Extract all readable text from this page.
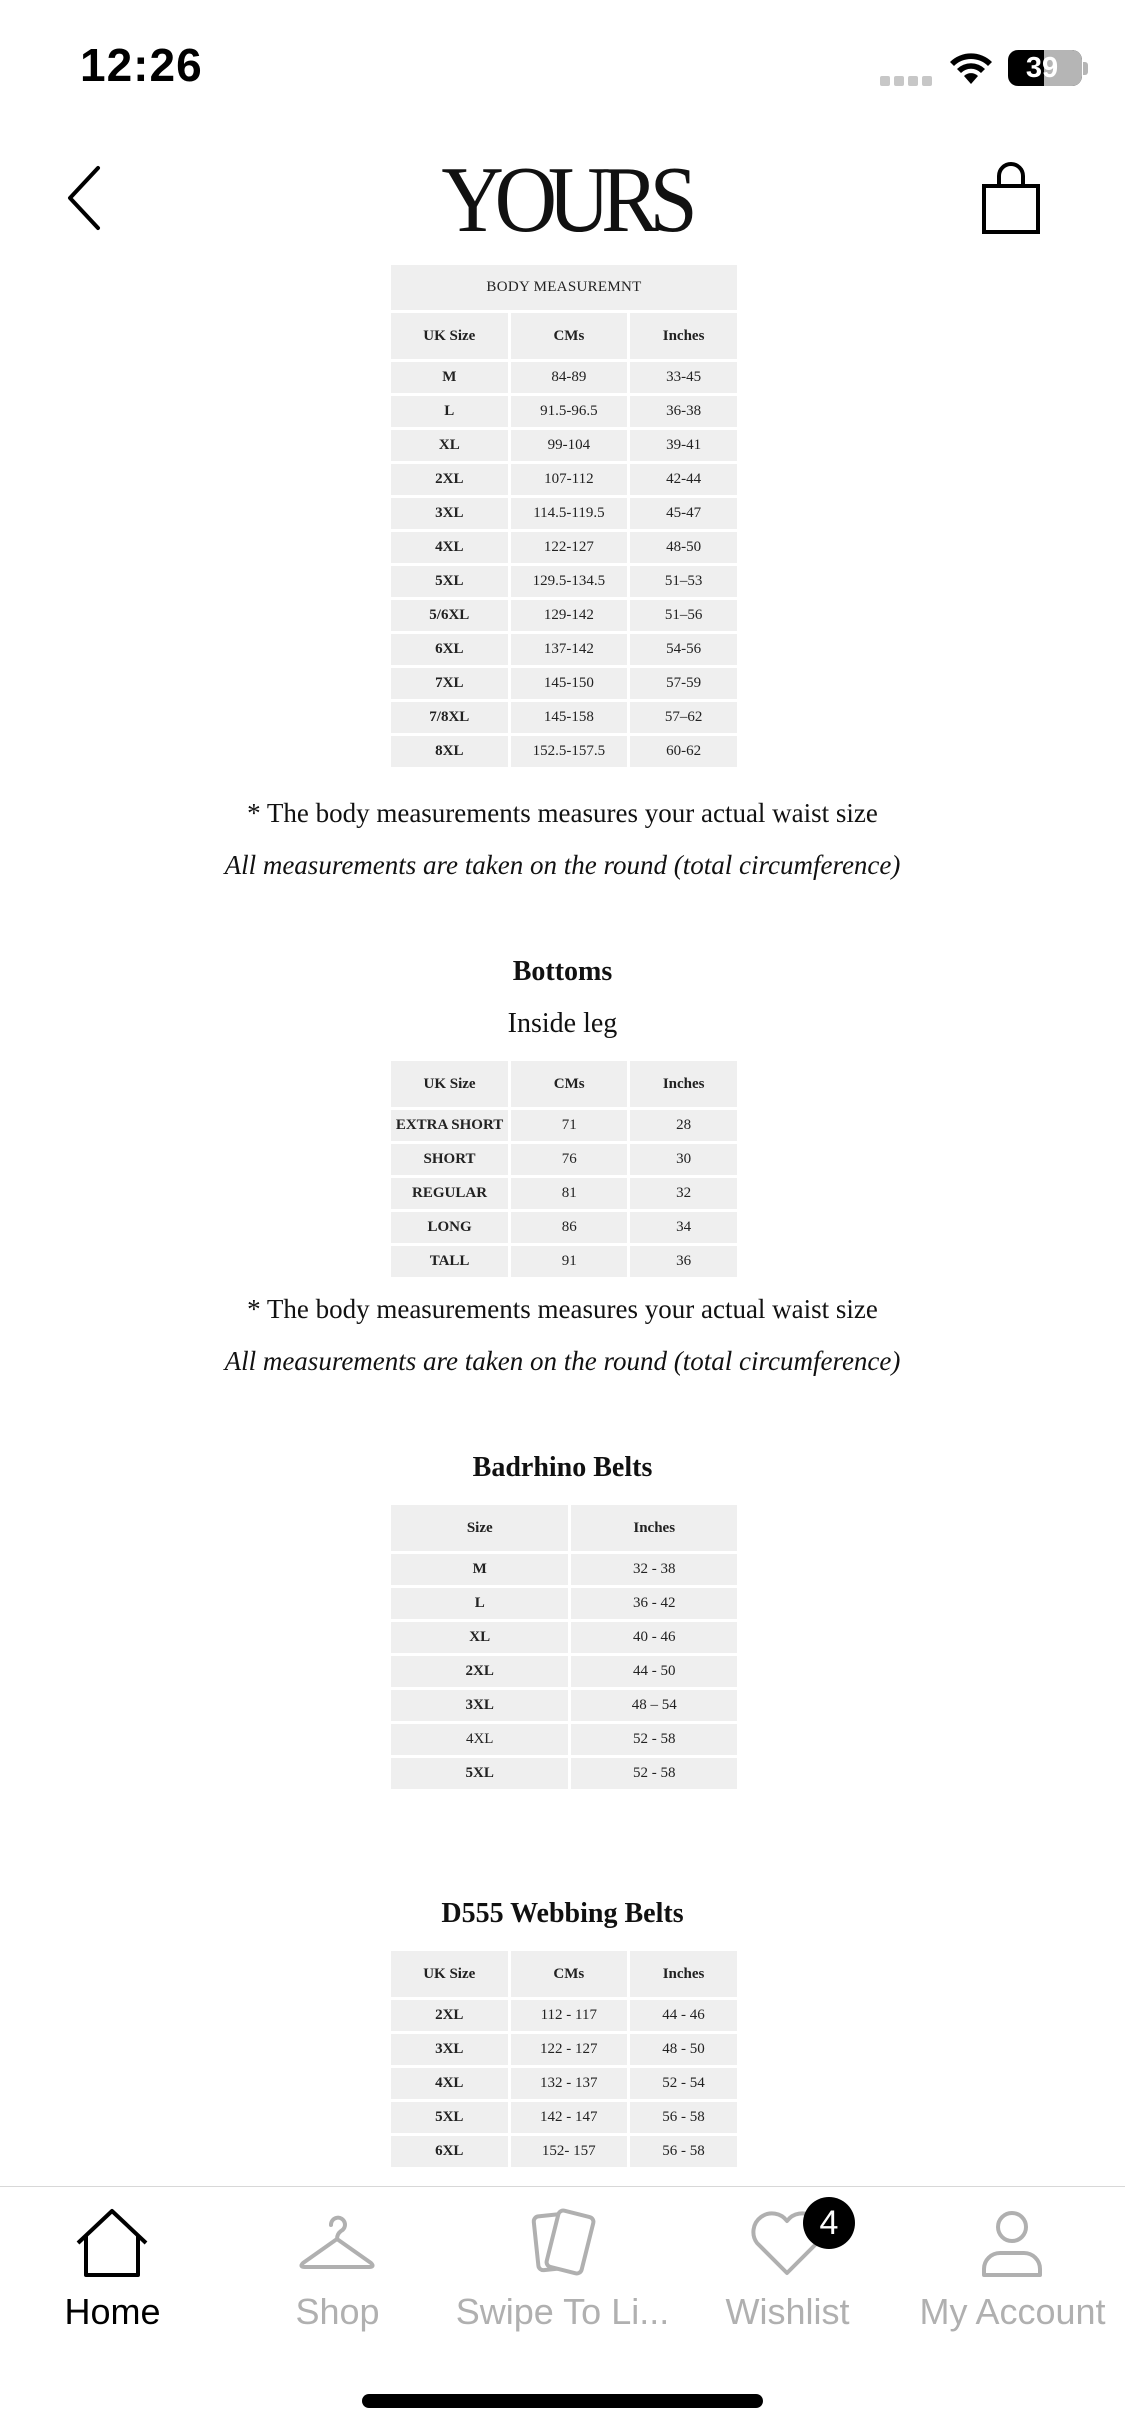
12:26	39
YOURS
BODY MEASUREMNT		
UK Size	CMs	Inches
M	84-89	33-45
L	91.5-96.5	36-38
XL	99-104	39-41
2XL	107-112	42-44
3XL	114.5-119.5	45-47
4XL	122-127	48-50
5XL	129.5-134.5	51–53
5/6XL	129-142	51–56
6XL	137-142	54-56
7XL	145-150	57-59
7/8XL	145-158	57–62
8XL	152.5-157.5	60-62
* The body measurements measures your actual waist size
All measurements are taken on the round (total circumference)
Bottoms
Inside leg
UK Size	CMs	Inches
EXTRA SHORT	71	28
SHORT	76	30
REGULAR	81	32
LONG	86	34
TALL	91	36
* The body measurements measures your actual waist size
All measurements are taken on the round (total circumference)
Badrhino Belts
Size	Inches
M	32 - 38
L	36 - 42
XL	40 - 46
2XL	44 - 50
3XL	48 – 54
4XL	52 - 58
5XL	52 - 58
D555 Webbing Belts
UK Size	CMs	Inches
2XL	112 - 117	44 - 46
3XL	122 - 127	48 - 50
4XL	132 - 137	52 - 54
5XL	142 - 147	56 - 58
6XL	152- 157	56 - 58
Home	Shop	Swipe To Li...
4
Wishlist	My Account
